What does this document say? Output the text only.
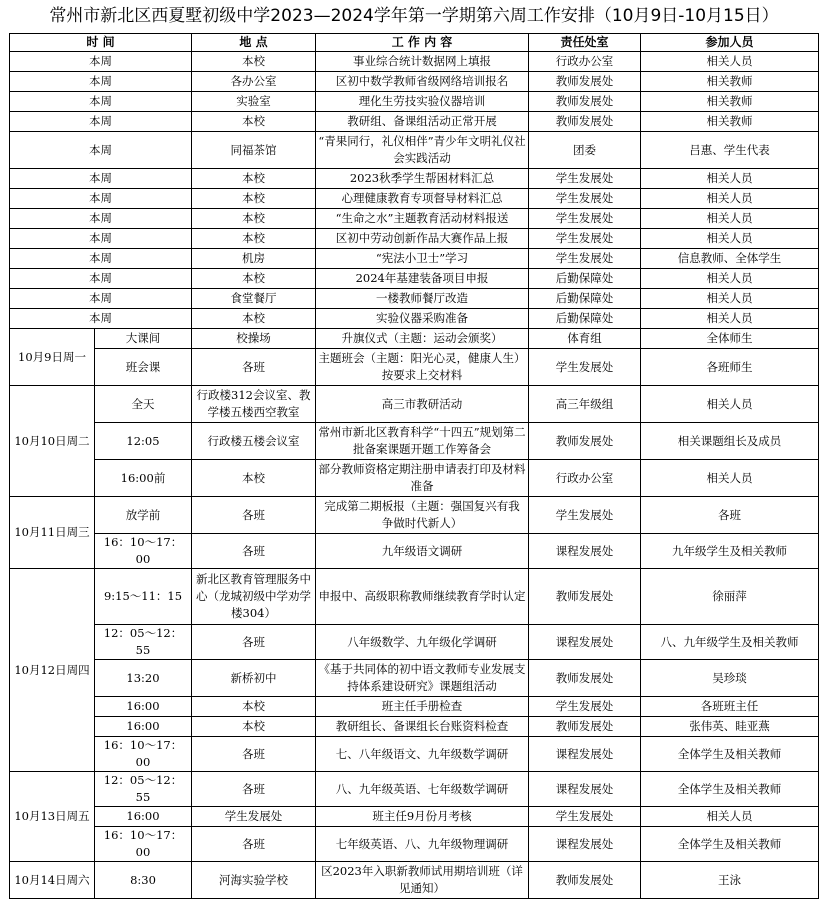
常州市新北区西夏墅初级中学2023—2024学年第一学期第六周工作安排（10月9日-10月15日）
时 间		地 点	工 作 内 容	责任处室	参加人员
本周		本校	事业综合统计数据网上填报	行政办公室	相关人员
本周		各办公室	区初中数学教师省级网络培训报名	教师发展处	相关教师
本周		实验室	理化生劳技实验仪器培训	教师发展处	相关教师
本周		本校	教研组、备课组活动正常开展	教师发展处	相关教师
本周		同福茶馆	“青果同行，礼仪相伴”青少年文明礼仪社会实践活动	团委	吕惠、学生代表
本周		本校	2023秋季学生帮困材料汇总	学生发展处	相关人员
本周		本校	心理健康教育专项督导材料汇总	学生发展处	相关人员
本周		本校	“生命之水”主题教育活动材料报送	学生发展处	相关人员
本周		本校	区初中劳动创新作品大赛作品上报	学生发展处	相关人员
本周		机房	“宪法小卫士”学习	学生发展处	信息教师、全体学生
本周		本校	2024年基建装备项目申报	后勤保障处	相关人员
本周		食堂餐厅	一楼教师餐厅改造	后勤保障处	相关人员
本周		本校	实验仪器采购准备	后勤保障处	相关人员
10月9日周一	大课间	校操场	升旗仪式（主题：运动会颁奖）	体育组	全体师生
	班会课	各班	主题班会（主题：阳光心灵，健康人生）按要求上交材料	学生发展处	各班师生
10月10日周二	全天	行政楼312会议室、教学楼五楼西空教室	高三市教研活动	高三年级组	相关人员
	12:05	行政楼五楼会议室	常州市新北区教育科学“十四五”规划第二批备案课题开题工作筹备会	教师发展处	相关课题组长及成员
	16:00前	本校	部分教师资格定期注册申请表打印及材料准备	行政办公室	相关人员
10月11日周三	放学前	各班	完成第二期板报（主题：强国复兴有我 争做时代新人）	学生发展处	各班
	16：10～17：00	各班	九年级语文调研	课程发展处	九年级学生及相关教师
10月12日周四	9:15～11：15	新北区教育管理服务中心（龙城初级中学劝学楼304）	申报中、高级职称教师继续教育学时认定	教师发展处	徐丽萍
	12：05～12：55	各班	八年级数学、九年级化学调研	课程发展处	八、九年级学生及相关教师
	13:20	新桥初中	《基于共同体的初中语文教师专业发展支持体系建设研究》课题组活动	教师发展处	吴珍琰
	16:00	本校	班主任手册检查	学生发展处	各班班主任
	16:00	本校	教研组长、备课组长台账资料检查	教师发展处	张伟英、眭亚燕
	16：10～17：00	各班	七、八年级语文、九年级数学调研	课程发展处	全体学生及相关教师
10月13日周五	12：05～12：55	各班	八、九年级英语、七年级数学调研	课程发展处	全体学生及相关教师
	16:00	学生发展处	班主任9月份月考核	学生发展处	相关人员
	16：10～17：00	各班	七年级英语、八、九年级物理调研	课程发展处	全体学生及相关教师
10月14日周六	8:30	河海实验学校	区2023年入职新教师试用期培训班（详见通知）	教师发展处	王泳
